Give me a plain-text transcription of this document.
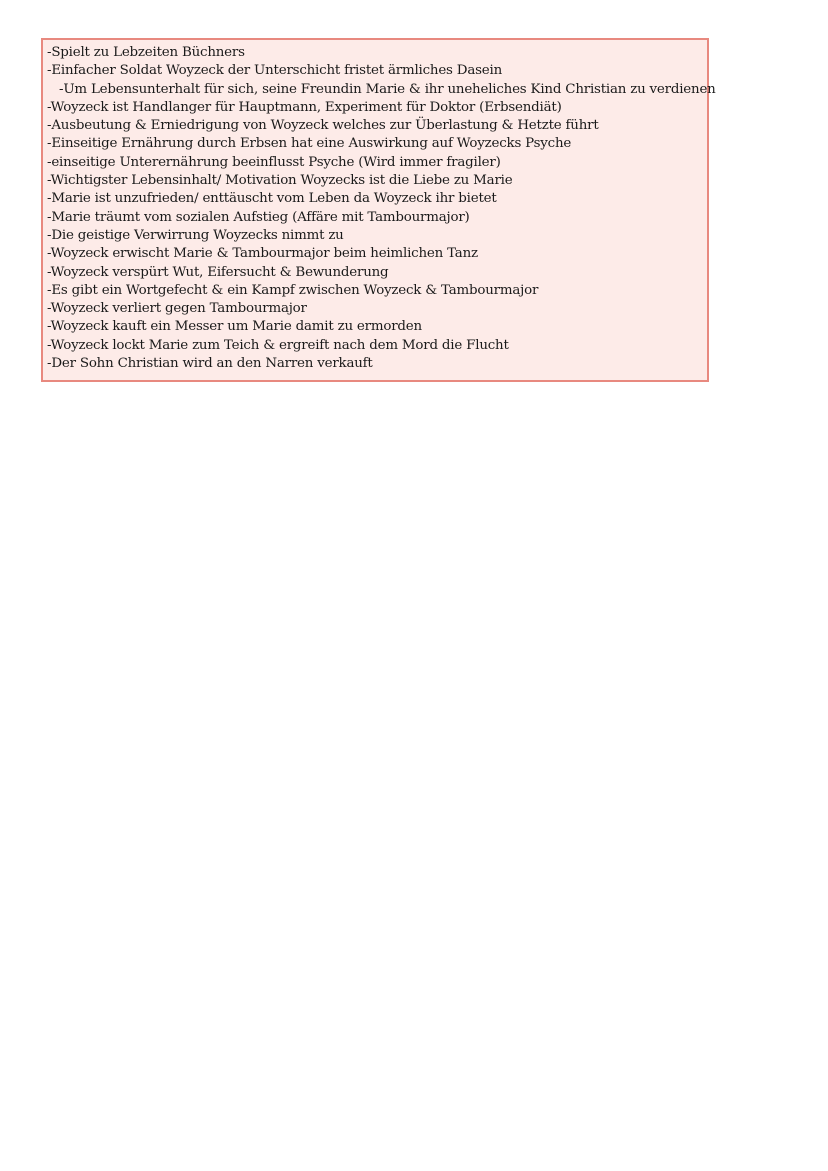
-Spielt zu Lebzeiten Büchners
-Einfacher Soldat Woyzeck der Unterschicht fristet ärmliches Dasein
-Um Lebensunterhalt für sich, seine Freundin Marie & ihr uneheliches Kind Christian zu verdienen
-Woyzeck ist Handlanger für Hauptmann, Experiment für Doktor (Erbsendiät)
-Ausbeutung & Erniedrigung von Woyzeck welches zur Überlastung & Hetzte führt
-Einseitige Ernährung durch Erbsen hat eine Auswirkung auf Woyzecks Psyche
-einseitige Unterernährung beeinflusst Psyche (Wird immer fragiler)
-Wichtigster Lebensinhalt/ Motivation Woyzecks ist die Liebe zu Marie
-Marie ist unzufrieden/ enttäuscht vom Leben da Woyzeck ihr bietet
-Marie träumt vom sozialen Aufstieg (Affäre mit Tambourmajor)
-Die geistige Verwirrung Woyzecks nimmt zu
-Woyzeck erwischt Marie & Tambourmajor beim heimlichen Tanz
-Woyzeck verspürt Wut, Eifersucht & Bewunderung
-Es gibt ein Wortgefecht & ein Kampf zwischen Woyzeck & Tambourmajor
-Woyzeck verliert gegen Tambourmajor
-Woyzeck kauft ein Messer um Marie damit zu ermorden
-Woyzeck lockt Marie zum Teich & ergreift nach dem Mord die Flucht
-Der Sohn Christian wird an den Narren verkauft
